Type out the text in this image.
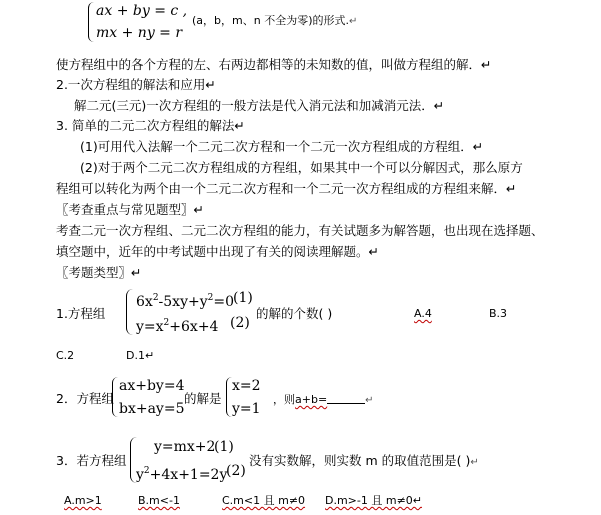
ax + by = c ,
mx + ny = r
(a，b，m、n 不全为零)的形式.↵
使方程组中的各个方程的左、右两边都相等的未知数的值，叫做方程组的解．↵
2.一次方程组的解法和应用↵
解二元(三元)一次方程组的一般方法是代入消元法和加减消元法．↵
3. 简单的二元二次方程组的解法↵
(1)可用代入法解一个二元二次方程和一个二元一次方程组成的方程组．↵
(2)对于两个二元二次方程组成的方程组，如果其中一个可以分解因式，那么原方
程组可以转化为两个由一个二元二次方程和一个二元一次方程组成的方程组来解．↵
〖考查重点与常见题型〗↵
考查二元一次方程组、二元二次方程组的能力，有关试题多为解答题，也出现在选择题、
填空题中，近年的中考试题中出现了有关的阅读理解题。↵
〖考题类型〗↵
1.方程组
$6x^2-5xy+y^2=0$
(1)
$y=x^2+6x+4$ (2)
的解的个数( )	A.4	B.3
C.2	D.1↵
2．方程组
ax+by=4
bx+ay=5
的解是
x=2
y=1
，则a+b=	↵
3．若方程组
y=mx+2
(1)
$y^2+4x+1=2y$
(2)
没有实数解，则实数 m 的取值范围是( )↵
A.m>1	B.m<-1	C.m<1 且 m≠0 D.m>-1 且 m≠0↵
